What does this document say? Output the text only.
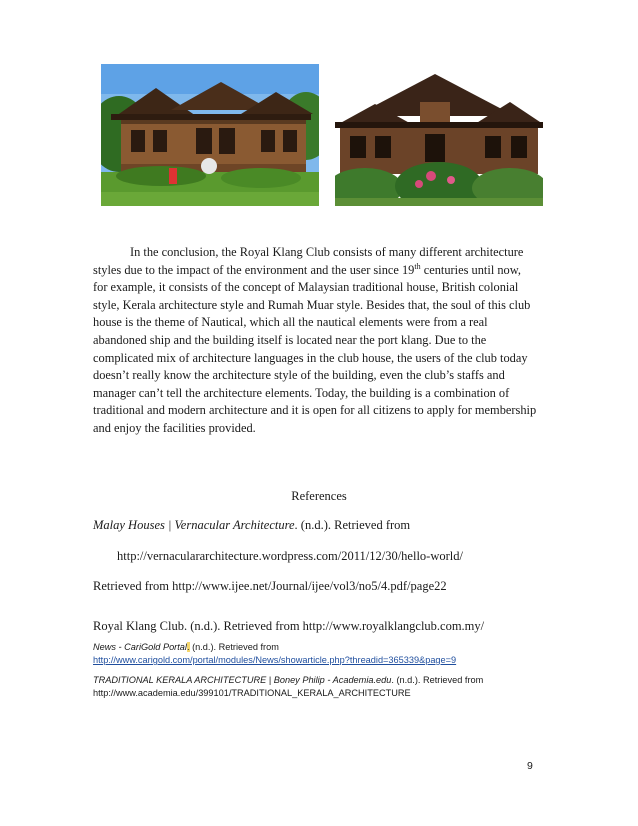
In the conclusion, the Royal Klang Club consists of many different architecture
styles due to the impact of the environment and the user since 19th centuries until now,
for example, it consists of the concept of Malaysian traditional house, British colonial
style, Kerala architecture style and Rumah Muar style. Besides that, the soul of this club
house is the theme of Nautical, which all the nautical elements were from a real
abandoned ship and the building itself is located near the port klang. Due to the
complicated mix of architecture languages in the club house, the users of the club today
doesn’t really know the architecture style of the building, even the club’s staffs and
manager can’t tell the architecture elements. Today, the building is a combination of
traditional and modern architecture and it is open for all citizens to apply for membership
and enjoy the facilities provided.

References
Malay Houses | Vernacular Architecture. (n.d.). Retrieved from
http://vernaculararchitecture.wordpress.com/2011/12/30/hello-world/
Retrieved from http://www.ijee.net/Journal/ijee/vol3/no5/4.pdf/page22
Royal Klang Club. (n.d.). Retrieved from http://www.royalklangclub.com.my/
News - CariGold Portal. (n.d.). Retrieved from
http://www.carigold.com/portal/modules/News/showarticle.php?threadid=365339&page=9
TRADITIONAL KERALA ARCHITECTURE | Boney Philip - Academia.edu. (n.d.). Retrieved from
http://www.academia.edu/399101/TRADITIONAL_KERALA_ARCHITECTURE
9
